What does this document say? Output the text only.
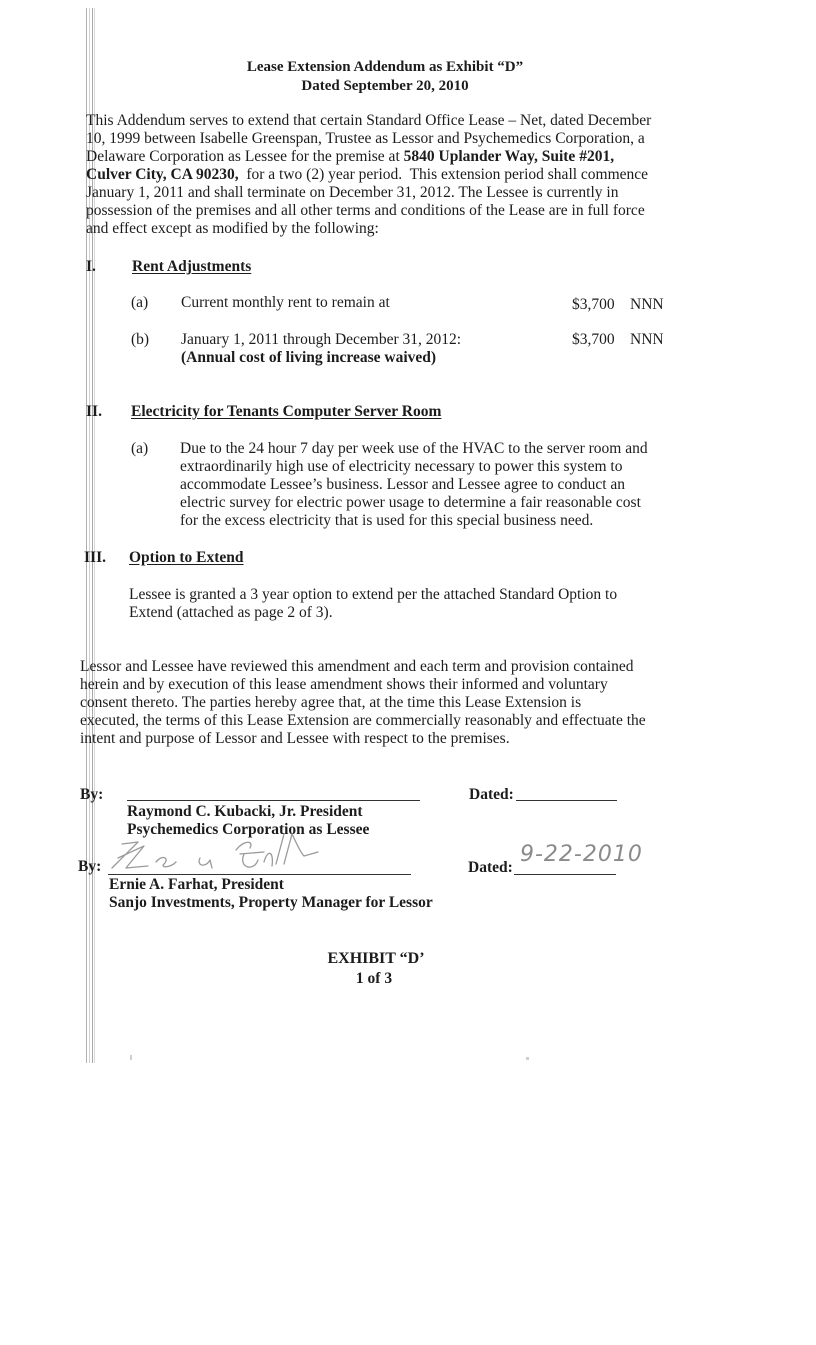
Lease Extension Addendum as Exhibit “D”
Dated September 20, 2010
This Addendum serves to extend that certain Standard Office Lease – Net, dated December
10, 1999 between Isabelle Greenspan, Trustee as Lessor and Psychemedics Corporation, a
Delaware Corporation as Lessee for the premise at 5840 Uplander Way, Suite #201,
Culver City, CA 90230,  for a two (2) year period.  This extension period shall commence
January 1, 2011 and shall terminate on December 31, 2012. The Lessee is currently in
possession of the premises and all other terms and conditions of the Lease are in full force
and effect except as modified by the following:
I. Rent Adjustments
(a) Current monthly rent to remain at	$3,700 NNN
(b) January 1, 2011 through December 31, 2012:
(Annual cost of living increase waived)
$3,700 NNN
II. Electricity for Tenants Computer Server Room
(a) Due to the 24 hour 7 day per week use of the HVAC to the server room and
extraordinarily high use of electricity necessary to power this system to
accommodate Lessee’s business. Lessor and Lessee agree to conduct an
electric survey for electric power usage to determine a fair reasonable cost
for the excess electricity that is used for this special business need.
III. Option to Extend
Lessee is granted a 3 year option to extend per the attached Standard Option to
Extend (attached as page 2 of 3).
Lessor and Lessee have reviewed this amendment and each term and provision contained
herein and by execution of this lease amendment shows their informed and voluntary
consent thereto. The parties hereby agree that, at the time this Lease Extension is
executed, the terms of this Lease Extension are commercially reasonably and effectuate the
intent and purpose of Lessor and Lessee with respect to the premises.
By:
Raymond C. Kubacki, Jr. President
Psychemedics Corporation as Lessee
Dated:
By:
Ernie A. Farhat, President
Sanjo Investments, Property Manager for Lessor
Dated:
9-22-2010
EXHIBIT “D’
1 of 3
